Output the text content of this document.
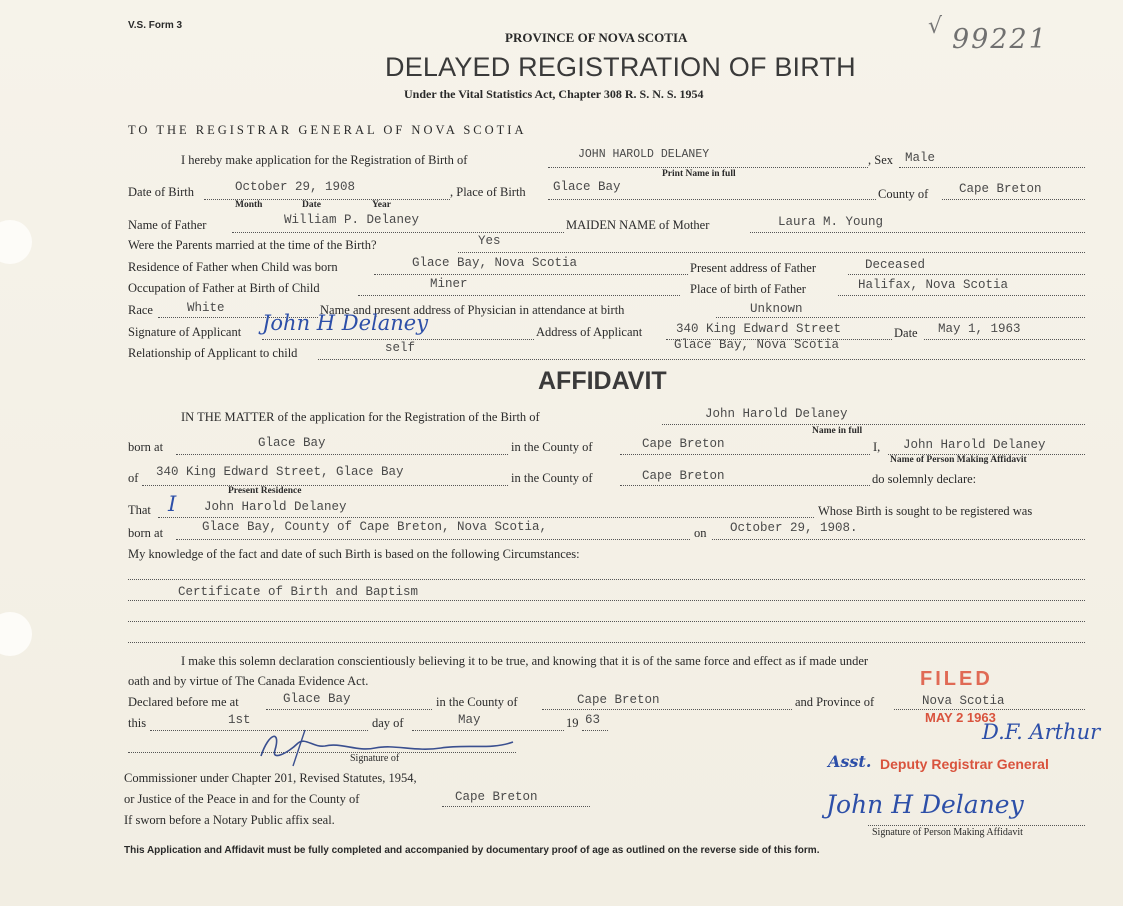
V.S. Form 3	√ 99221
PROVINCE OF NOVA SCOTIA
DELAYED REGISTRATION OF BIRTH
Under the Vital Statistics Act, Chapter 308 R. S. N. S. 1954
TO THE REGISTRAR GENERAL OF NOVA SCOTIA
I hereby make application for the Registration of Birth of	JOHN HAROLD DELANEY	, Sex Male
Print Name in full
Date of Birth	October 29, 1908	, Place of Birth Glace Bay	County of Cape Breton
Month	Date	Year
Name of Father	William P. Delaney	MAIDEN NAME of Mother	Laura M. Young
Were the Parents married at the time of the Birth?	Yes
Residence of Father when Child was born	Glace Bay, Nova Scotia	Present address of Father	Deceased
Occupation of Father at Birth of Child	Miner	Place of birth of Father	Halifax, Nova Scotia
Race	White	Name and present address of Physician in attendance at birth	Unknown
Signature of Applicant John H Delaney	Address of Applicant	340 King Edward Street	Date May 1, 1963
Relationship of Applicant to child	self	Glace Bay, Nova Scotia
AFFIDAVIT
IN THE MATTER of the application for the Registration of the Birth of	John Harold Delaney
Name in full
born at	Glace Bay	in the County of	Cape Breton	I, John Harold Delaney
Name of Person Making Affidavit
of 340 King Edward Street, Glace Bay	in the County of	Cape Breton	do solemnly declare:
Present Residence
That I John Harold Delaney	Whose Birth is sought to be registered was
born at	Glace Bay, County of Cape Breton, Nova Scotia,	on October 29, 1908.
My knowledge of the fact and date of such Birth is based on the following Circumstances:
Certificate of Birth and Baptism
I make this solemn declaration conscientiously believing it to be true, and knowing that it is of the same force and effect as if made under
oath and by virtue of The Canada Evidence Act.
Declared before me at	Glace Bay	in the County of	Cape Breton	and Province of	Nova Scotia
this	1st	day of	May	19 63
Signature of
Commissioner under Chapter 201, Revised Statutes, 1954,
or Justice of the Peace in and for the County of	Cape Breton
If sworn before a Notary Public affix seal.
FILED
MAY 2 1963
D.F. Arthur
Asst. Deputy Registrar General
John H Delaney
Signature of Person Making Affidavit
This Application and Affidavit must be fully completed and accompanied by documentary proof of age as outlined on the reverse side of this form.
